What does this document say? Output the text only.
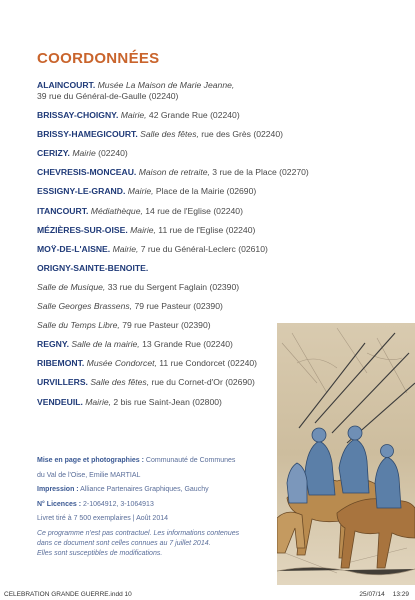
COORDONNÉES
ALAINCOURT. Musée La Maison de Marie Jeanne,
39 rue du Général-de-Gaulle (02240)
BRISSAY-CHOIGNY. Mairie, 42 Grande Rue (02240)
BRISSY-HAMEGICOURT. Salle des fêtes, rue des Grès (02240)
CERIZY. Mairie (02240)
CHEVRESIS-MONCEAU. Maison de retraite, 3 rue de la Place (02270)
ESSIGNY-LE-GRAND. Mairie, Place de la Mairie (02690)
ITANCOURT. Médiathèque, 14 rue de l'Eglise (02240)
MÉZIÈRES-SUR-OISE. Mairie, 11 rue de l'Eglise (02240)
MOŸ-DE-L'AISNE. Mairie, 7 rue du Général-Leclerc (02610)
ORIGNY-SAINTE-BENOITE.
Salle de Musique, 33 rue du Sergent Faglain (02390)
Salle Georges Brassens, 79 rue Pasteur (02390)
Salle du Temps Libre, 79 rue Pasteur (02390)
REGNY. Salle de la mairie, 13 Grande Rue (02240)
RIBEMONT. Musée Condorcet, 11 rue Condorcet (02240)
URVILLERS. Salle des fêtes, rue du Cornet-d'Or (02690)
VENDEUIL. Mairie, 2 bis rue Saint-Jean (02800)
Mise en page et photographies : Communauté de Communes
du Val de l'Oise, Emilie MARTIAL
Impression : Alliance Partenaires Graphiques, Gauchy
N° Licences : 2-1064912, 3-1064913
Livret tiré à 7 500 exemplaires | Août 2014
Ce programme n'est pas contractuel. Les informations contenues
dans ce document sont celles connues au 7 juillet 2014.
Elles sont susceptibles de modifications.
CELEBRATION GRANDE GUERRE.indd 10	25/07/14 13:29
